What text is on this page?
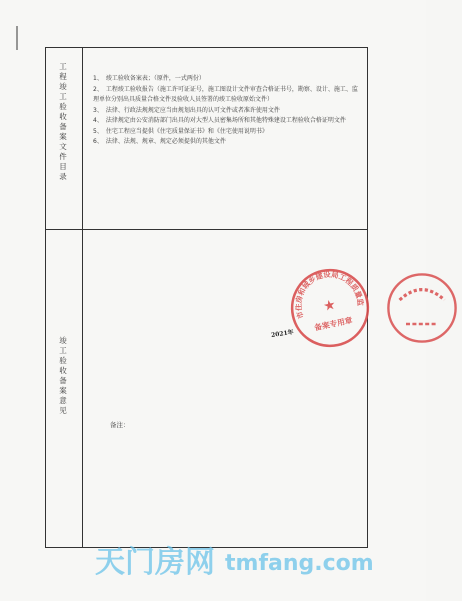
工程竣工验收备案文件目录
竣工验收备案意见
1、 竣工验收备案表；（原件，一式两份）
2、 工程竣工验收报告（施工许可证证号，施工图设计文件审查合格证书号，勘察、设计、施工、监理单位分别出具质量合格文件及验收人员签署的竣工验收原始文件）
3、 法律、行政法规规定应当由规划出具的认可文件或者准许使用文件
4、 法律规定由公安消防部门出具的对大型人员密集场所和其他特殊建设工程验收合格证明文件
5、 住宅工程应当提供《住宅质量保证书》和《住宅使用说明书》
6、 法律、法规、规章、规定必须提供的其他文件
备注：
2021年
天门市住房和城乡建设局工程质量监督站
★
备案专用章
天门房网 tmfang.com
